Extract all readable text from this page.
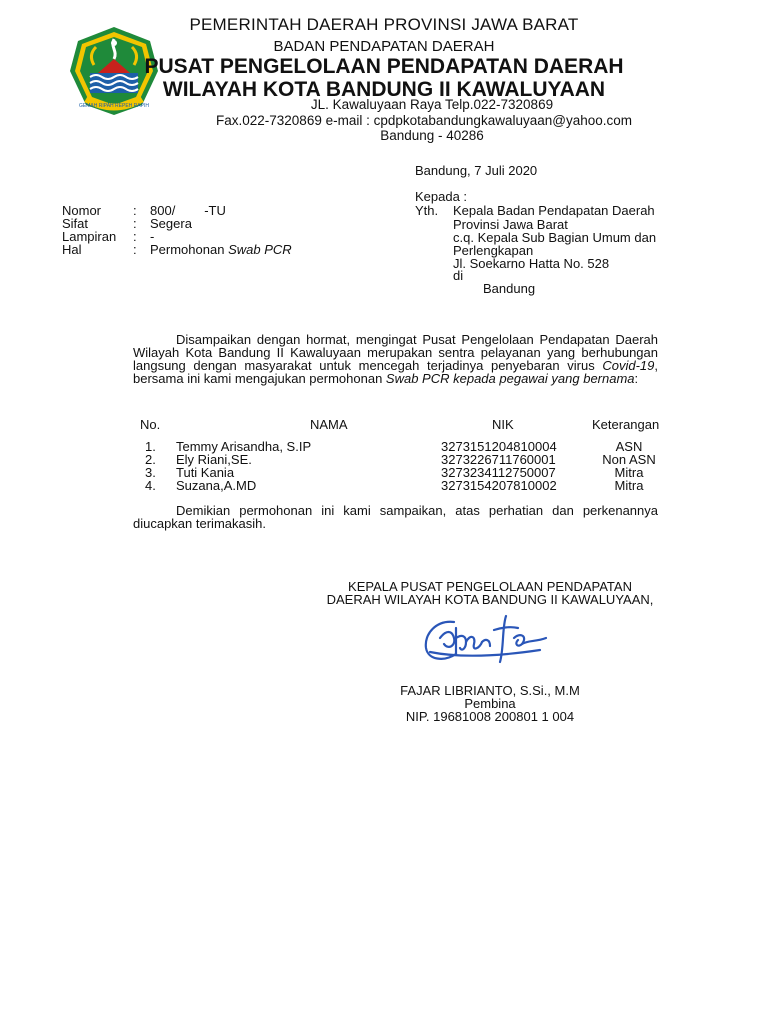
GEMAH RIPAH REPEH RAPIH
PEMERINTAH DAERAH PROVINSI JAWA BARAT
BADAN PENDAPATAN DAERAH
PUSAT PENGELOLAAN PENDAPATAN DAERAH
WILAYAH KOTA BANDUNG II KAWALUYAAN
JL. Kawaluyaan Raya Telp.022-7320869
Fax.022-7320869 e-mail : cpdpkotabandungkawaluyaan@yahoo.com
Bandung - 40286
Bandung, 7 Juli 2020
Kepada :
Yth. Kepala Badan Pendapatan Daerah
Provinsi Jawa Barat
c.q. Kepala Sub Bagian Umum dan
Perlengkapan
Jl. Soekarno Hatta No. 528
di
Bandung
Nomor : 800/        -TU
Sifat	: Segera
Lampiran : -
Hal	: Permohonan Swab PCR
Disampaikan dengan hormat, mengingat Pusat Pengelolaan Pendapatan Daerah Wilayah Kota Bandung II Kawaluyaan merupakan sentra pelayanan yang berhubungan langsung dengan masyarakat untuk mencegah terjadinya penyebaran virus Covid-19, bersama ini kami mengajukan permohonan Swab PCR kepada pegawai yang bernama:
No.	NAMA	NIK	Keterangan
1. Temmy Arisandha, S.IP	3273151204810004	ASN
2. Ely Riani,SE.	3273226711760001	Non ASN
3. Tuti Kania	3273234112750007	Mitra
4. Suzana,A.MD	3273154207810002	Mitra
Demikian permohonan ini kami sampaikan, atas perhatian dan perkenannya diucapkan terimakasih.
KEPALA PUSAT PENGELOLAAN PENDAPATAN
DAERAH WILAYAH KOTA BANDUNG II KAWALUYAAN,
FAJAR LIBRIANTO, S.Si., M.M
Pembina
NIP. 19681008 200801 1 004
